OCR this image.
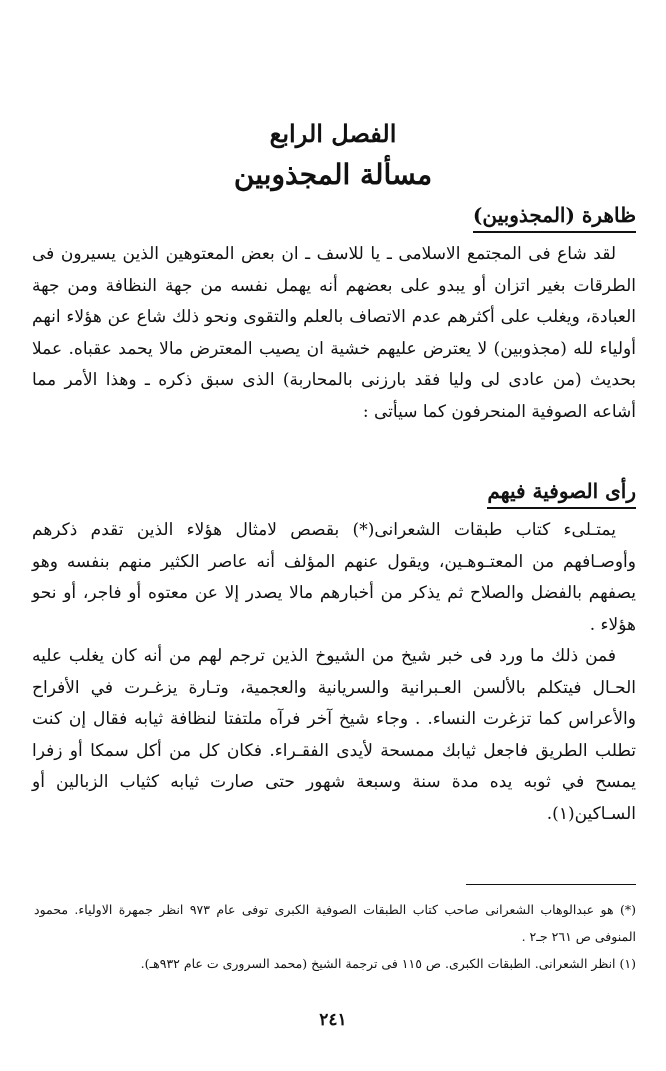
الفصل الرابع
مسألة المجذوبين
ظاهرة (المجذوبين)

لقد شاع فى المجتمع الاسلامى ـ يا للاسف ـ ان بعض المعتوهين الذين يسيرون فى الطرقات بغير اتزان أو يبدو على بعضهم أنه يهمل نفسه من جهة النظافة ومن جهة العبادة، ويغلب على أكثرهم عدم الاتصاف بالعلم والتقوى ونحو ذلك شاع عن هؤلاء انهم أولياء لله (مجذوبين) لا يعترض عليهم خشية ان يصيب المعترض مالا يحمد عقباه. عملا بحديث (من عادى لى وليا فقد بارزنى بالمحاربة) الذى سبق ذكره ـ وهذا الأمر مما أشاعه الصوفية المنحرفون كما سيأتى :

رأى الصوفية فيهم

يمتـلىء كتاب طبقات الشعرانى(*) بقصص لامثال هؤلاء الذين تقدم ذكرهم وأوصـافهم من المعتـوهـين، ويقول عنهم المؤلف أنه عاصر الكثير منهم بنفسه وهو يصفهم بالفضل والصلاح ثم يذكر من أخبارهم مالا يصدر إلا عن معتوه أو فاجر، أو نحو هؤلاء .

فمن ذلك ما ورد فى خبر شيخ من الشيوخ الذين ترجم لهم من أنه كان يغلب عليه الحـال فيتكلم بالألسن العـبرانية والسريانية والعجمية، وتـارة يزغـرت في الأفراح والأعراس كما تزغرت النساء. . وجاء شيخ آخر فرآه ملتفتا لنظافة ثيابه فقال إن كنت تطلب الطريق فاجعل ثيابك ممسحة لأيدى الفقـراء. فكان كل من أكل سمكا أو زفرا يمسح في ثوبه يده مدة سنة وسبعة شهور حتى صارت ثيابه كثياب الزبالين أو السـاكين(١).

(*) هو عبدالوهاب الشعرانى صاحب كتاب الطبقات الصوفية الكبرى توفى عام ٩٧٣ انظر جمهرة الاولياء. محمود المنوفى ص ٢٦١ جـ٢ .

(١) انظر الشعرانى. الطبقات الكبرى. ص ١١٥ فى ترجمة الشيخ (محمد السرورى ت عام ٩٣٢هـ).

٢٤١
